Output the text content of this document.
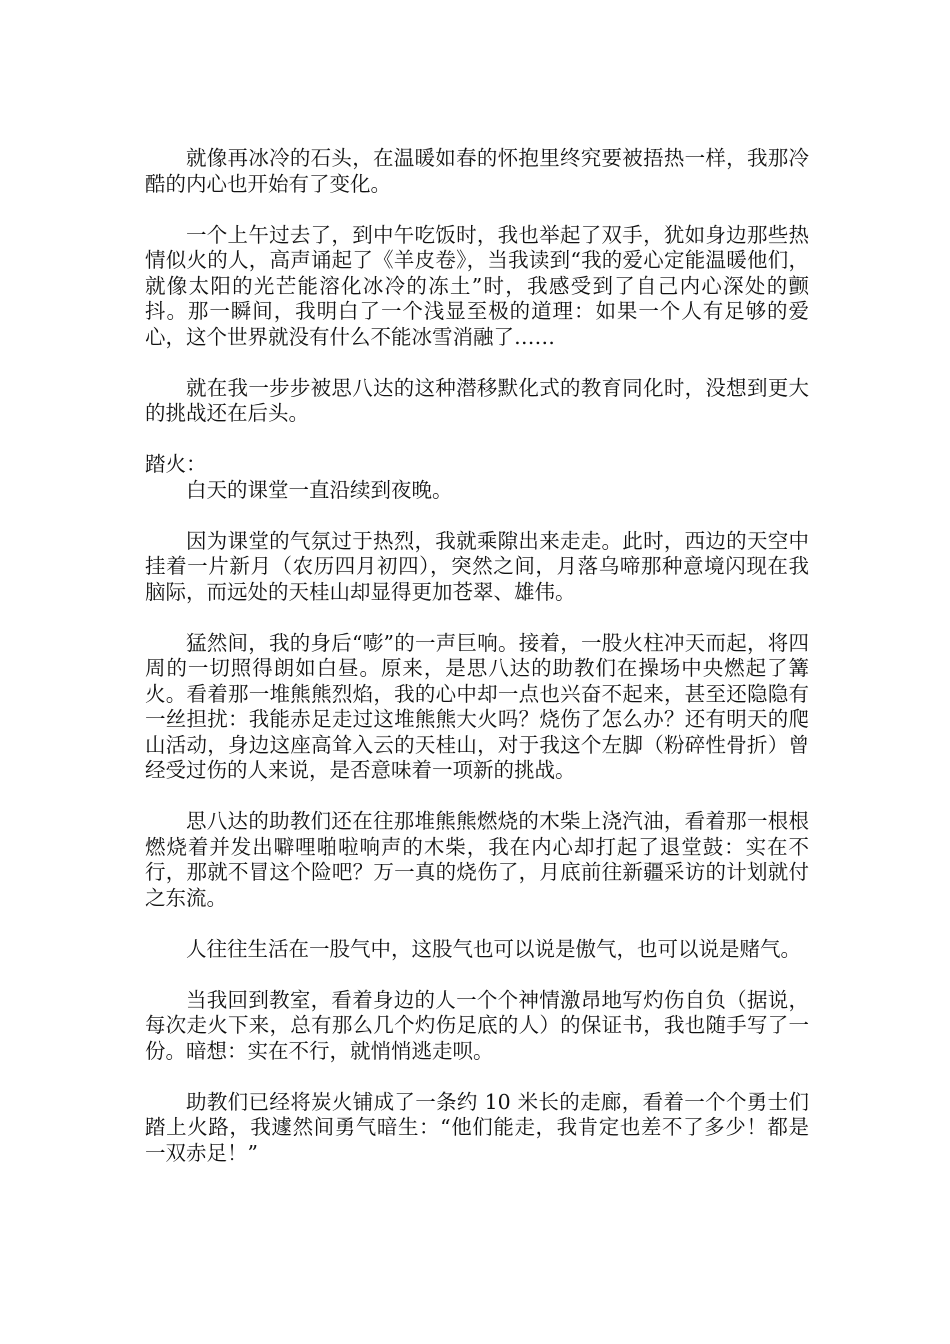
就像再冰冷的石头，在温暖如春的怀抱里终究要被捂热一样，我那冷酷的内心也开始有了变化。

一个上午过去了，到中午吃饭时，我也举起了双手，犹如身边那些热情似火的人，高声诵起了《羊皮卷》，当我读到“我的爱心定能温暖他们，就像太阳的光芒能溶化冰冷的冻土”时，我感受到了自己内心深处的颤抖。那一瞬间，我明白了一个浅显至极的道理：如果一个人有足够的爱心，这个世界就没有什么不能冰雪消融了……

就在我一步步被思八达的这种潜移默化式的教育同化时，没想到更大的挑战还在后头。

踏火：

白天的课堂一直沿续到夜晚。

因为课堂的气氛过于热烈，我就乘隙出来走走。此时，西边的天空中挂着一片新月（农历四月初四），突然之间，月落乌啼那种意境闪现在我脑际，而远处的天桂山却显得更加苍翠、雄伟。

猛然间，我的身后“嘭”的一声巨响。接着，一股火柱冲天而起，将四周的一切照得朗如白昼。原来，是思八达的助教们在操场中央燃起了篝火。看着那一堆熊熊烈焰，我的心中却一点也兴奋不起来，甚至还隐隐有一丝担扰：我能赤足走过这堆熊熊大火吗？烧伤了怎么办？还有明天的爬山活动，身边这座高耸入云的天桂山，对于我这个左脚（粉碎性骨折）曾经受过伤的人来说，是否意味着一项新的挑战。

思八达的助教们还在往那堆熊熊燃烧的木柴上浇汽油，看着那一根根燃烧着并发出噼哩啪啦响声的木柴，我在内心却打起了退堂鼓：实在不行，那就不冒这个险吧？万一真的烧伤了，月底前往新疆采访的计划就付之东流。

人往往生活在一股气中，这股气也可以说是傲气，也可以说是赌气。

当我回到教室，看着身边的人一个个神情激昂地写灼伤自负（据说，每次走火下来，总有那么几个灼伤足底的人）的保证书，我也随手写了一份。暗想：实在不行，就悄悄逃走呗。

助教们已经将炭火铺成了一条约 10 米长的走廊，看着一个个勇士们踏上火路，我遽然间勇气暗生：“他们能走，我肯定也差不了多少！都是一双赤足！”
